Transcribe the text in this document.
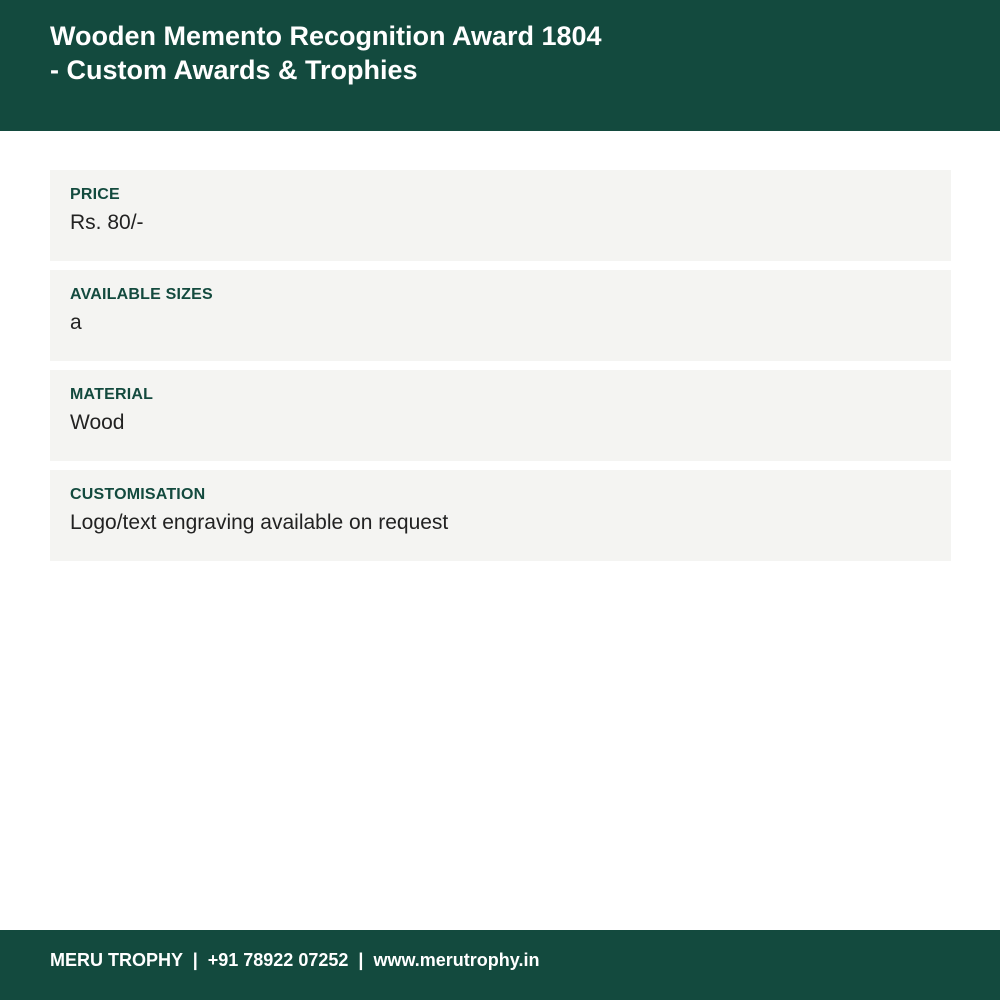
Wooden Memento Recognition Award 1804
- Custom Awards & Trophies
PRICE
Rs. 80/-
AVAILABLE SIZES
a
MATERIAL
Wood
CUSTOMISATION
Logo/text engraving available on request
MERU TROPHY  |  +91 78922 07252  |  www.merutrophy.in
